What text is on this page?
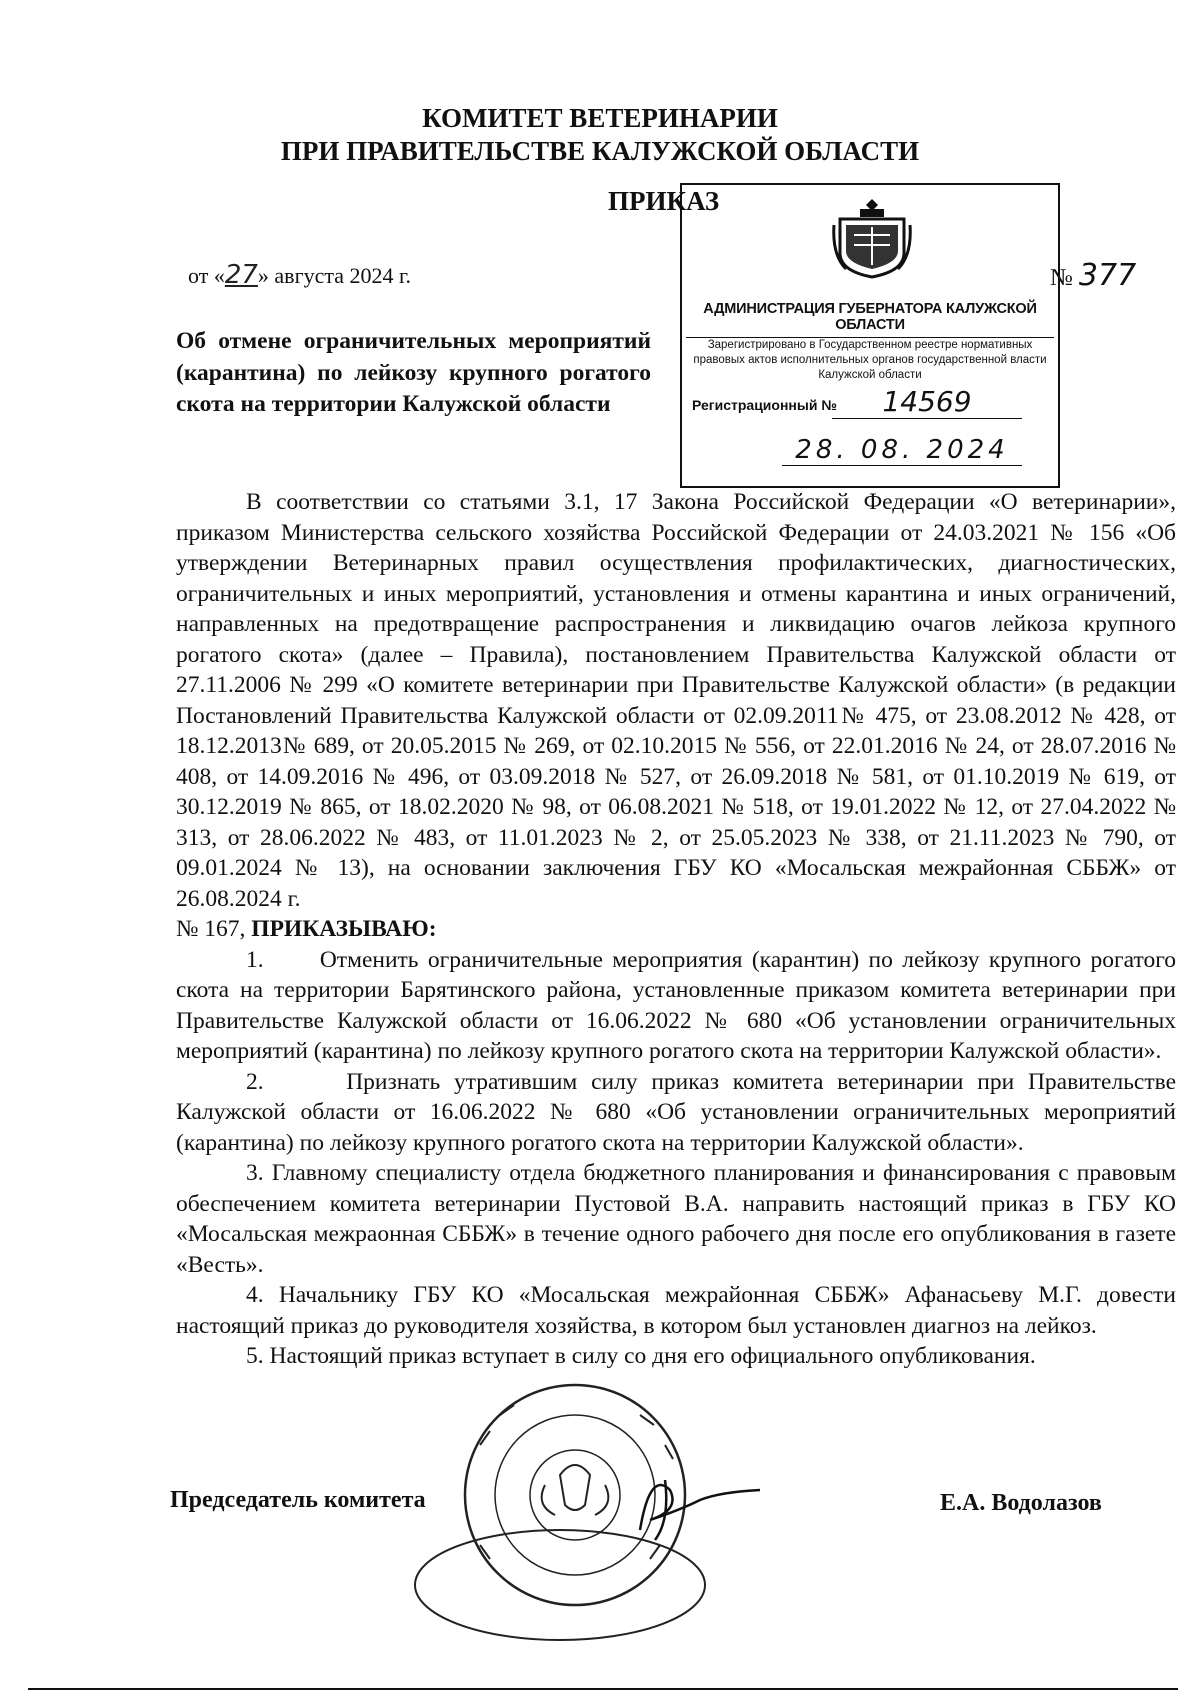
КОМИТЕТ ВЕТЕРИНАРИИ
ПРИ ПРАВИТЕЛЬСТВЕ КАЛУЖСКОЙ ОБЛАСТИ
ПРИКАЗ
от «27» августа 2024 г.	№ 377
Об отмене ограничительных мероприятий (карантина) по лейкозу крупного рогатого скота на территории Калужской области
АДМИНИСТРАЦИЯ ГУБЕРНАТОРА КАЛУЖСКОЙ ОБЛАСТИ
Зарегистрировано в Государственном реестре нормативных правовых актов исполнительных органов государственной власти Калужской области
Регистрационный №	14569
28. 08. 2024

В соответствии со статьями 3.1, 17 Закона Российской Федерации «О ветеринарии», приказом Министерства сельского хозяйства Российской Федерации от 24.03.2021 № 156 «Об утверждении Ветеринарных правил осуществления профилактических, диагностических, ограничительных и иных мероприятий, установления и отмены карантина и иных ограничений, направленных на предотвращение распространения и ликвидацию очагов лейкоза крупного рогатого скота» (далее – Правила), постановлением Правительства Калужской области от 27.11.2006 № 299 «О комитете ветеринарии при Правительстве Калужской области» (в редакции Постановлений Правительства Калужской области от 02.09.2011№ 475, от 23.08.2012 № 428, от 18.12.2013№ 689, от 20.05.2015 № 269, от 02.10.2015 № 556, от 22.01.2016 № 24, от 28.07.2016 № 408, от 14.09.2016 № 496, от 03.09.2018 № 527, от 26.09.2018 № 581, от 01.10.2019 № 619, от 30.12.2019 № 865, от 18.02.2020 № 98, от 06.08.2021 № 518, от 19.01.2022 № 12, от 27.04.2022 № 313, от 28.06.2022 № 483, от 11.01.2023 № 2, от 25.05.2023 № 338, от 21.11.2023 № 790, от 09.01.2024 № 13), на основании заключения ГБУ КО «Мосальская межрайонная СББЖ» от 26.08.2024 г.

№ 167, ПРИКАЗЫВАЮ:

1.      Отменить ограничительные мероприятия (карантин) по лейкозу крупного рогатого скота на территории Барятинского района, установленные приказом комитета ветеринарии при Правительстве Калужской области от 16.06.2022 № 680 «Об установлении ограничительных мероприятий (карантина) по лейкозу крупного рогатого скота на территории Калужской области».

2.      Признать утратившим силу приказ комитета ветеринарии при Правительстве Калужской области от 16.06.2022 № 680 «Об установлении ограничительных мероприятий (карантина) по лейкозу крупного рогатого скота на территории Калужской области».

3. Главному специалисту отдела бюджетного планирования и финансирования с правовым обеспечением комитета ветеринарии Пустовой В.А. направить настоящий приказ в ГБУ КО «Мосальская межраонная СББЖ» в течение одного рабочего дня после его опубликования в газете «Весть».

4. Начальнику ГБУ КО «Мосальская межрайонная СББЖ» Афанасьеву М.Г. довести настоящий приказ до руководителя хозяйства, в котором был установлен диагноз на лейкоз.

5. Настоящий приказ вступает в силу со дня его официального опубликования.

Председатель комитета	Е.А. Водолазов
